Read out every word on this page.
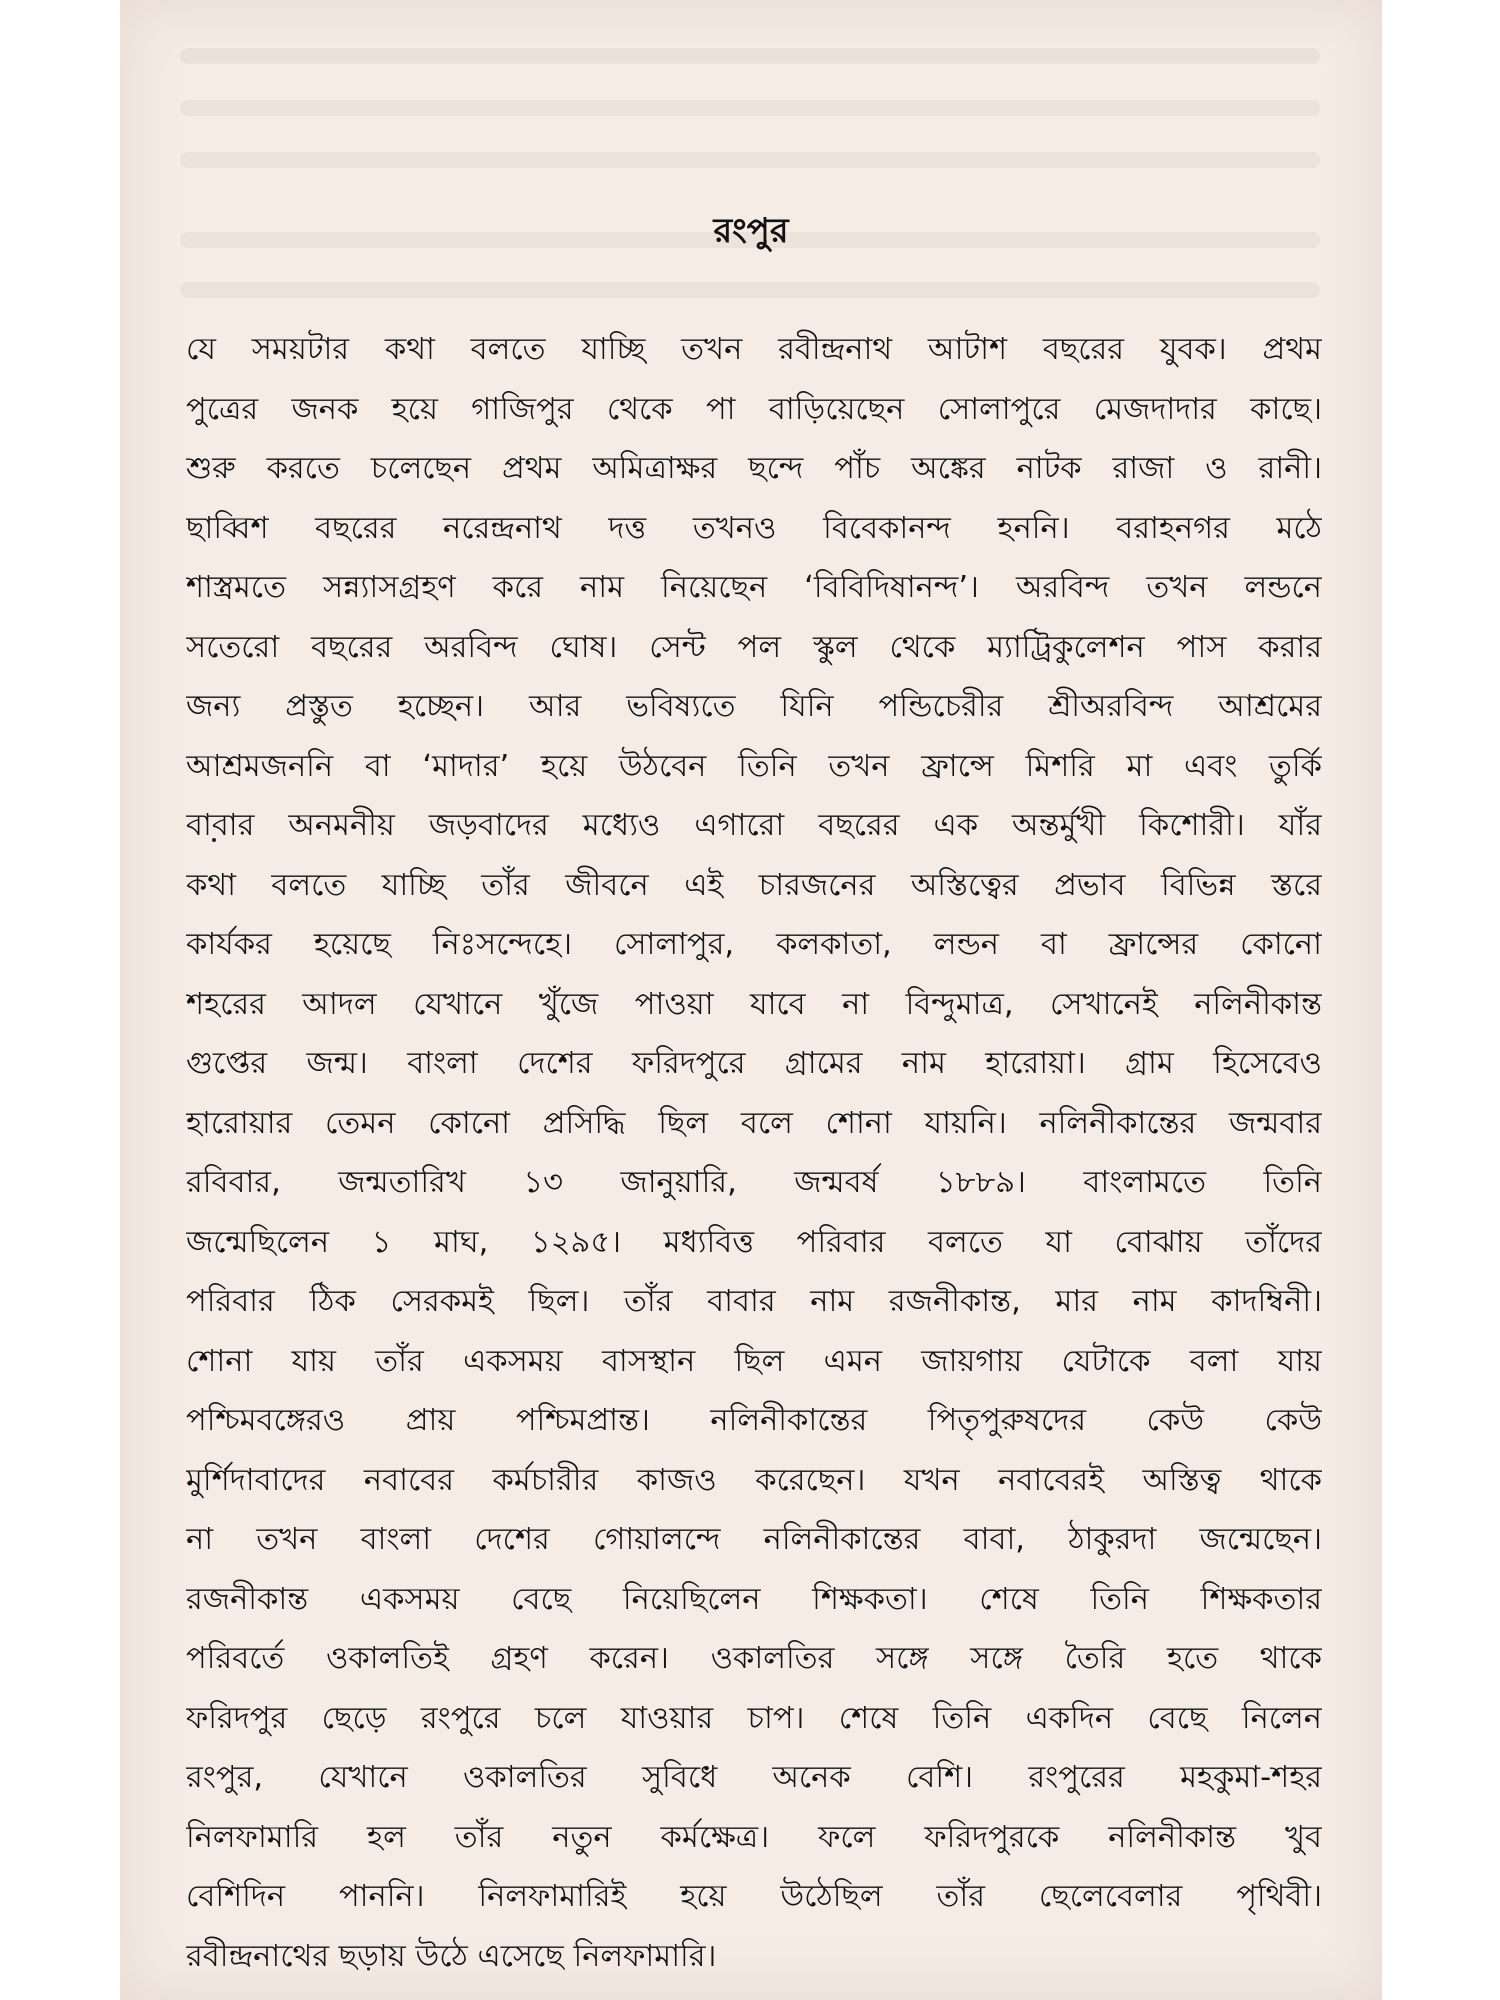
রংপুর
যে সময়টার কথা বলতে যাচ্ছি তখন রবীন্দ্রনাথ আটাশ বছরের যুবক। প্রথম
পুত্রের জনক হয়ে গাজিপুর থেকে পা বাড়িয়েছেন সোলাপুরে মেজদাদার কাছে।
শুরু করতে চলেছেন প্রথম অমিত্রাক্ষর ছন্দে পাঁচ অঙ্কের নাটক রাজা ও রানী।
ছাব্বিশ বছরের নরেন্দ্রনাথ দত্ত তখনও বিবেকানন্দ হননি। বরাহনগর মঠে
শাস্ত্রমতে সন্ন্যাসগ্রহণ করে নাম নিয়েছেন ‘বিবিদিষানন্দ’। অরবিন্দ তখন লন্ডনে
সতেরো বছরের অরবিন্দ ঘোষ। সেন্ট পল স্কুল থেকে ম্যাট্রিকুলেশন পাস করার
জন্য প্রস্তুত হচ্ছেন। আর ভবিষ্যতে যিনি পন্ডিচেরীর শ্রীঅরবিন্দ আশ্রমের
আশ্রমজননি বা ‘মাদার’ হয়ে উঠবেন তিনি তখন ফ্রান্সে মিশরি মা এবং তুর্কি
বাবার অনমনীয় জড়বাদের মধ্যেও এগারো বছরের এক অন্তর্মুখী কিশোরী। যাঁর
কথা বলতে যাচ্ছি তাঁর জীবনে এই চারজনের অস্তিত্বের প্রভাব বিভিন্ন স্তরে
কার্যকর হয়েছে নিঃসন্দেহে। সোলাপুর, কলকাতা, লন্ডন বা ফ্রান্সের কোনো
শহরের আদল যেখানে খুঁজে পাওয়া যাবে না বিন্দুমাত্র, সেখানেই নলিনীকান্ত
গুপ্তের জন্ম। বাংলা দেশের ফরিদপুরে গ্রামের নাম হারোয়া। গ্রাম হিসেবেও
হারোয়ার তেমন কোনো প্রসিদ্ধি ছিল বলে শোনা যায়নি। নলিনীকান্তের জন্মবার
রবিবার, জন্মতারিখ ১৩ জানুয়ারি, জন্মবর্ষ ১৮৮৯। বাংলামতে তিনি
জন্মেছিলেন ১ মাঘ, ১২৯৫। মধ্যবিত্ত পরিবার বলতে যা বোঝায় তাঁদের
পরিবার ঠিক সেরকমই ছিল। তাঁর বাবার নাম রজনীকান্ত, মার নাম কাদম্বিনী।
শোনা যায় তাঁর একসময় বাসস্থান ছিল এমন জায়গায় যেটাকে বলা যায়
পশ্চিমবঙ্গেরও প্রায় পশ্চিমপ্রান্ত। নলিনীকান্তের পিতৃপুরুষদের কেউ কেউ
মুর্শিদাবাদের নবাবের কর্মচারীর কাজও করেছেন। যখন নবাবেরই অস্তিত্ব থাকে
না তখন বাংলা দেশের গোয়ালন্দে নলিনীকান্তের বাবা, ঠাকুরদা জন্মেছেন।
রজনীকান্ত একসময় বেছে নিয়েছিলেন শিক্ষকতা। শেষে তিনি শিক্ষকতার
পরিবর্তে ওকালতিই গ্রহণ করেন। ওকালতির সঙ্গে সঙ্গে তৈরি হতে থাকে
ফরিদপুর ছেড়ে রংপুরে চলে যাওয়ার চাপ। শেষে তিনি একদিন বেছে নিলেন
রংপুর, যেখানে ওকালতির সুবিধে অনেক বেশি। রংপুরের মহকুমা-শহর
নিলফামারি হল তাঁর নতুন কর্মক্ষেত্র। ফলে ফরিদপুরকে নলিনীকান্ত খুব
বেশিদিন পাননি। নিলফামারিই হয়ে উঠেছিল তাঁর ছেলেবেলার পৃথিবী।
রবীন্দ্রনাথের ছড়ায় উঠে এসেছে নিলফামারি।
